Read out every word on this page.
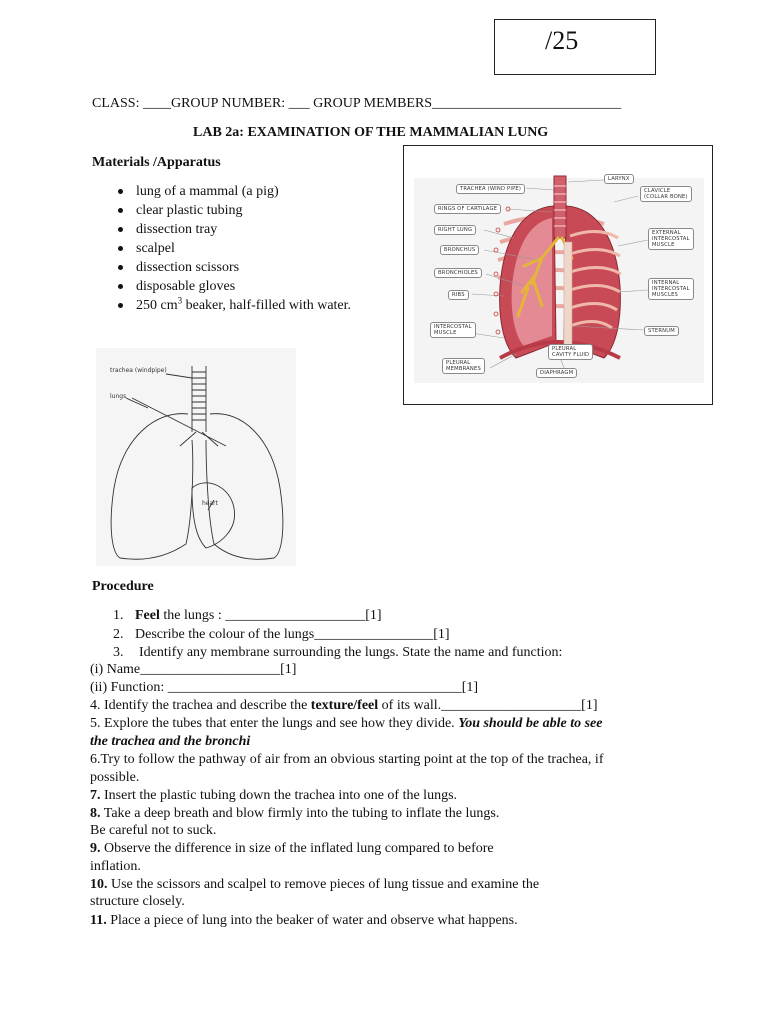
/25
CLASS: ____GROUP NUMBER: ___ GROUP MEMBERS___________________________
LAB 2a: EXAMINATION OF THE MAMMALIAN LUNG
Materials /Apparatus
lung of a mammal (a pig)
clear plastic tubing
dissection tray
scalpel
dissection scissors
disposable gloves
250 $cm^3$ beaker, half-filled with water.
LARYNX
TRACHEA (WIND PIPE)
RINGS OF CARTILAGE
RIGHT LUNG
BRONCHUS
BRONCHIOLES
RIBS
INTERCOSTAL
MUSCLE
PLEURAL
MEMBRANES
PLEURAL
CAVITY FLUID
DIAPHRAGM
CLAVICLE
(COLLAR BONE)
EXTERNAL
INTERCOSTAL
MUSCLE
INTERNAL
INTERCOSTAL
MUSCLES
STERNUM
trachea (windpipe)
lungs
heart
Procedure
1. Feel the lungs : ____________________[1]
2. Describe the colour of the lungs_________________[1]
3. Identify any membrane surrounding the lungs. State the name and function:
(i) Name____________________[1]
(ii) Function: __________________________________________[1]
4. Identify the trachea and describe the texture/feel of its wall.____________________[1]
5. Explore the tubes that enter the lungs and see how they divide. You should be able to see
the trachea and the bronchi
6.Try to follow the pathway of air from an obvious starting point at the top of the trachea, if
possible.
7. Insert the plastic tubing down the trachea into one of the lungs.
8. Take a deep breath and blow firmly into the tubing to inflate the lungs.
Be careful not to suck.
9. Observe the difference in size of the inflated lung compared to before
inflation.
10. Use the scissors and scalpel to remove pieces of lung tissue and examine the
structure closely.
11. Place a piece of lung into the beaker of water and observe what happens.
